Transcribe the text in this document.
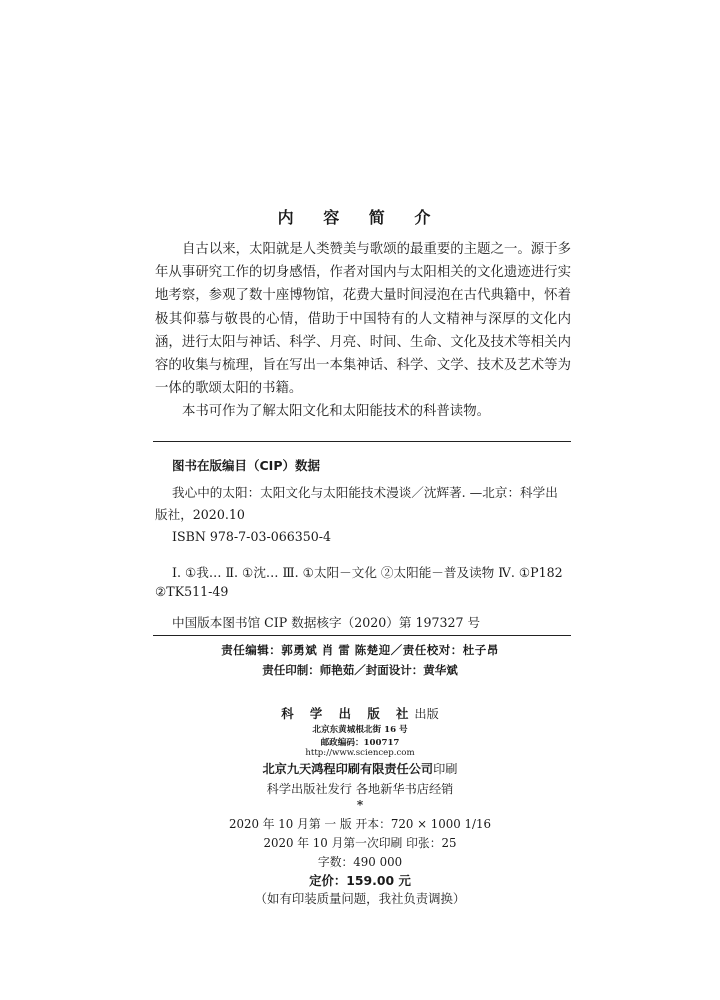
内 容 简 介

自古以来，太阳就是人类赞美与歌颂的最重要的主题之一。源于多年从事研究工作的切身感悟，作者对国内与太阳相关的文化遗迹进行实地考察，参观了数十座博物馆，花费大量时间浸泡在古代典籍中，怀着极其仰慕与敬畏的心情，借助于中国特有的人文精神与深厚的文化内涵，进行太阳与神话、科学、月亮、时间、生命、文化及技术等相关内容的收集与梳理，旨在写出一本集神话、科学、文学、技术及艺术等为一体的歌颂太阳的书籍。

本书可作为了解太阳文化和太阳能技术的科普读物。

图书在版编目（CIP）数据
我心中的太阳：太阳文化与太阳能技术漫谈／沈辉著. —北京：科学出版社，2020.10
ISBN 978-7-03-066350-4
Ⅰ. ①我… Ⅱ. ①沈… Ⅲ. ①太阳－文化 ②太阳能－普及读物 Ⅳ. ①P182 ②TK511-49
中国版本图书馆 CIP 数据核字（2020）第 197327 号
责任编辑：郭勇斌 肖 雷 陈楚迎／责任校对：杜子昂
责任印制：师艳茹／封面设计：黄华斌
科 学 出 版 社出版
北京东黄城根北街 16 号
邮政编码：100717
http://www.sciencep.com
北京九天鸿程印刷有限责任公司印刷
科学出版社发行 各地新华书店经销
*
2020 年 10 月第 一 版 开本：720 × 1000 1/16
2020 年 10 月第一次印刷 印张：25
字数：490 000
定价：159.00 元
（如有印装质量问题，我社负责调换）
